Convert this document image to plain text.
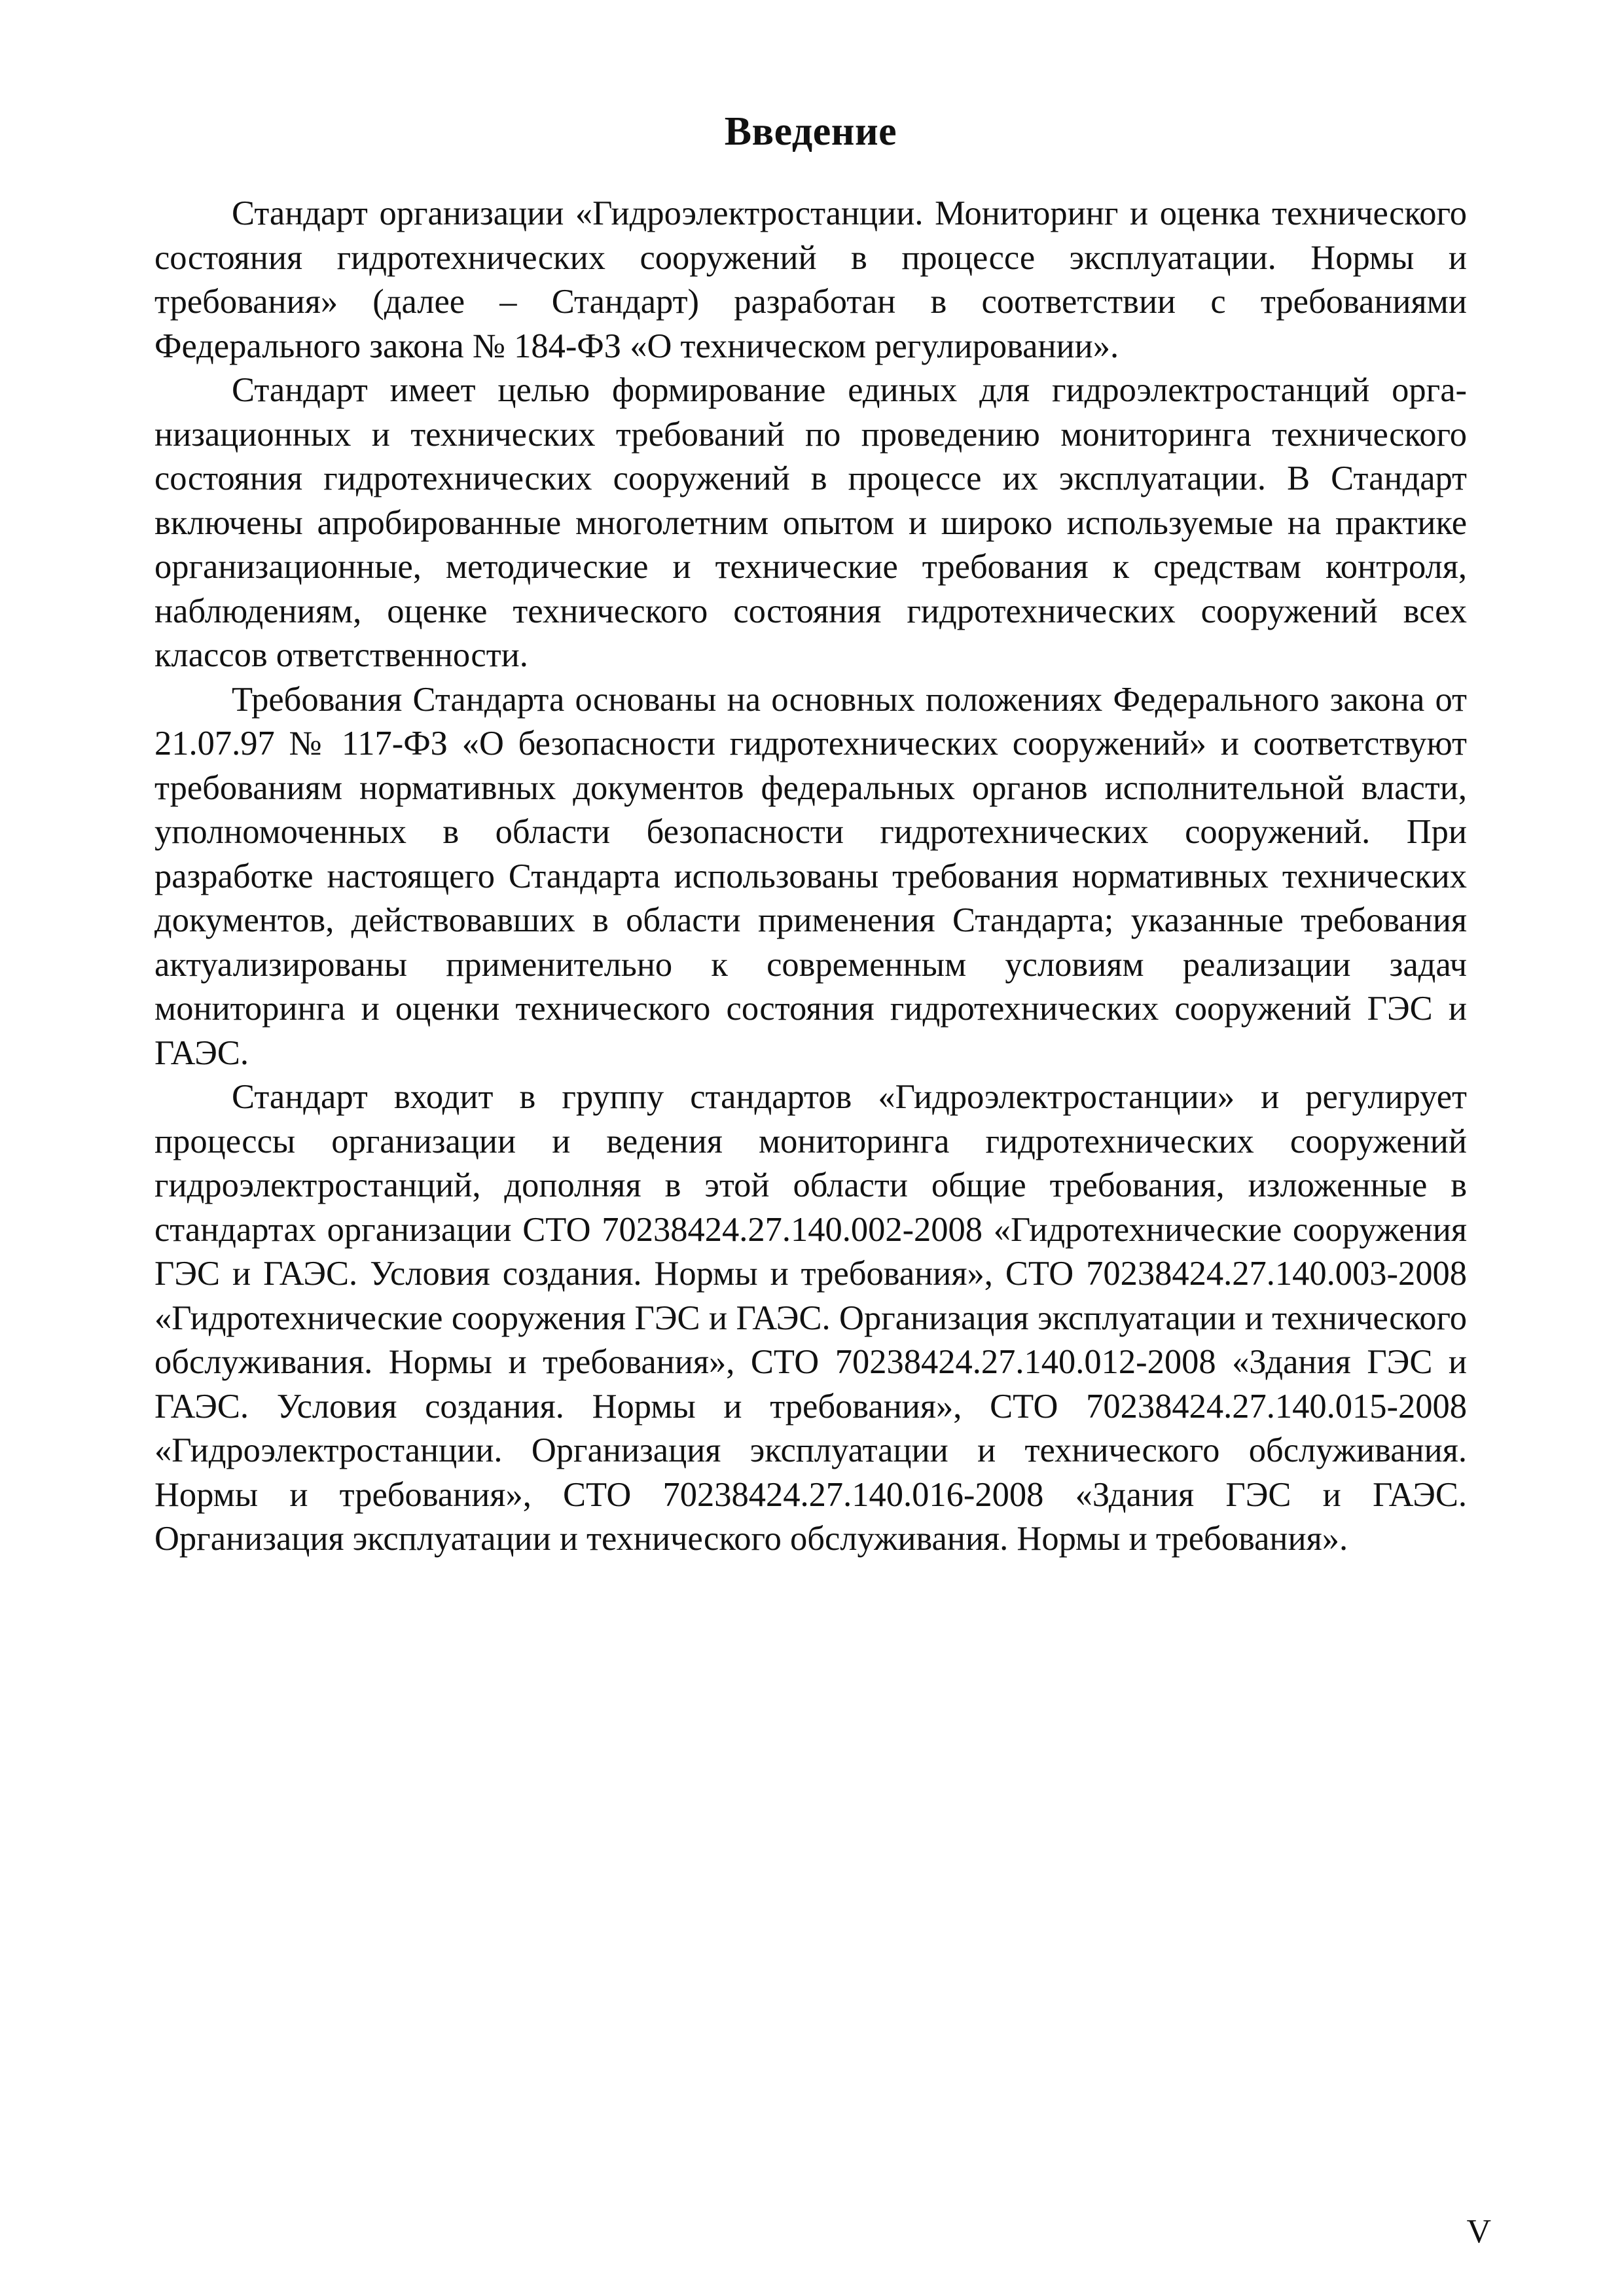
Введение

Стандарт организации «Гидроэлектростанции. Мониторинг и оценка технического состояния гидротехнических сооружений в процессе эксплуатации. Нормы и требования» (далее – Стандарт) разработан в соответствии с требованиями Федерального закона № 184-ФЗ «О техническом регулировании».

Стандарт имеет целью формирование единых для гидроэлектростанций организационных и технических требований по проведению мониторинга технического состояния гидротехнических сооружений в процессе их эксплуатации. В Стандарт включены апробированные многолетним опытом и широко используемые на практике организационные, методические и технические требования к средствам контроля, наблюдениям, оценке технического состояния гидротехнических сооружений всех классов ответственности.

Требования Стандарта основаны на основных положениях Федерального закона от 21.07.97 № 117-ФЗ «О безопасности гидротехнических сооружений» и соответствуют требованиям нормативных документов федеральных органов исполнительной власти, уполномоченных в области безопасности гидротехнических сооружений. При разработке настоящего Стандарта использованы требования нормативных технических документов, действовавших в области применения Стандарта; указанные требования актуализированы применительно к современным условиям реализации задач мониторинга и оценки технического состояния гидротехнических сооружений ГЭС и ГАЭС.

Стандарт входит в группу стандартов «Гидроэлектростанции» и регулирует процессы организации и ведения мониторинга гидротехнических сооружений гидроэлектростанций, дополняя в этой области общие требования, изложенные в стандартах организации СТО 70238424.27.140.002-2008 «Гидротехнические сооружения ГЭС и ГАЭС. Условия создания. Нормы и требования», СТО 70238424.27.140.003-2008 «Гидротехнические сооружения ГЭС и ГАЭС. Организация эксплуатации и технического обслуживания. Нормы и требования», СТО 70238424.27.140.012-2008 «Здания ГЭС и ГАЭС. Условия создания. Нормы и требования», СТО 70238424.27.140.015-2008 «Гидроэлектростанции. Организация эксплуатации и технического обслуживания. Нормы и требования», СТО 70238424.27.140.016-2008 «Здания ГЭС и ГАЭС. Организация эксплуатации и технического обслуживания. Нормы и требования».

V
